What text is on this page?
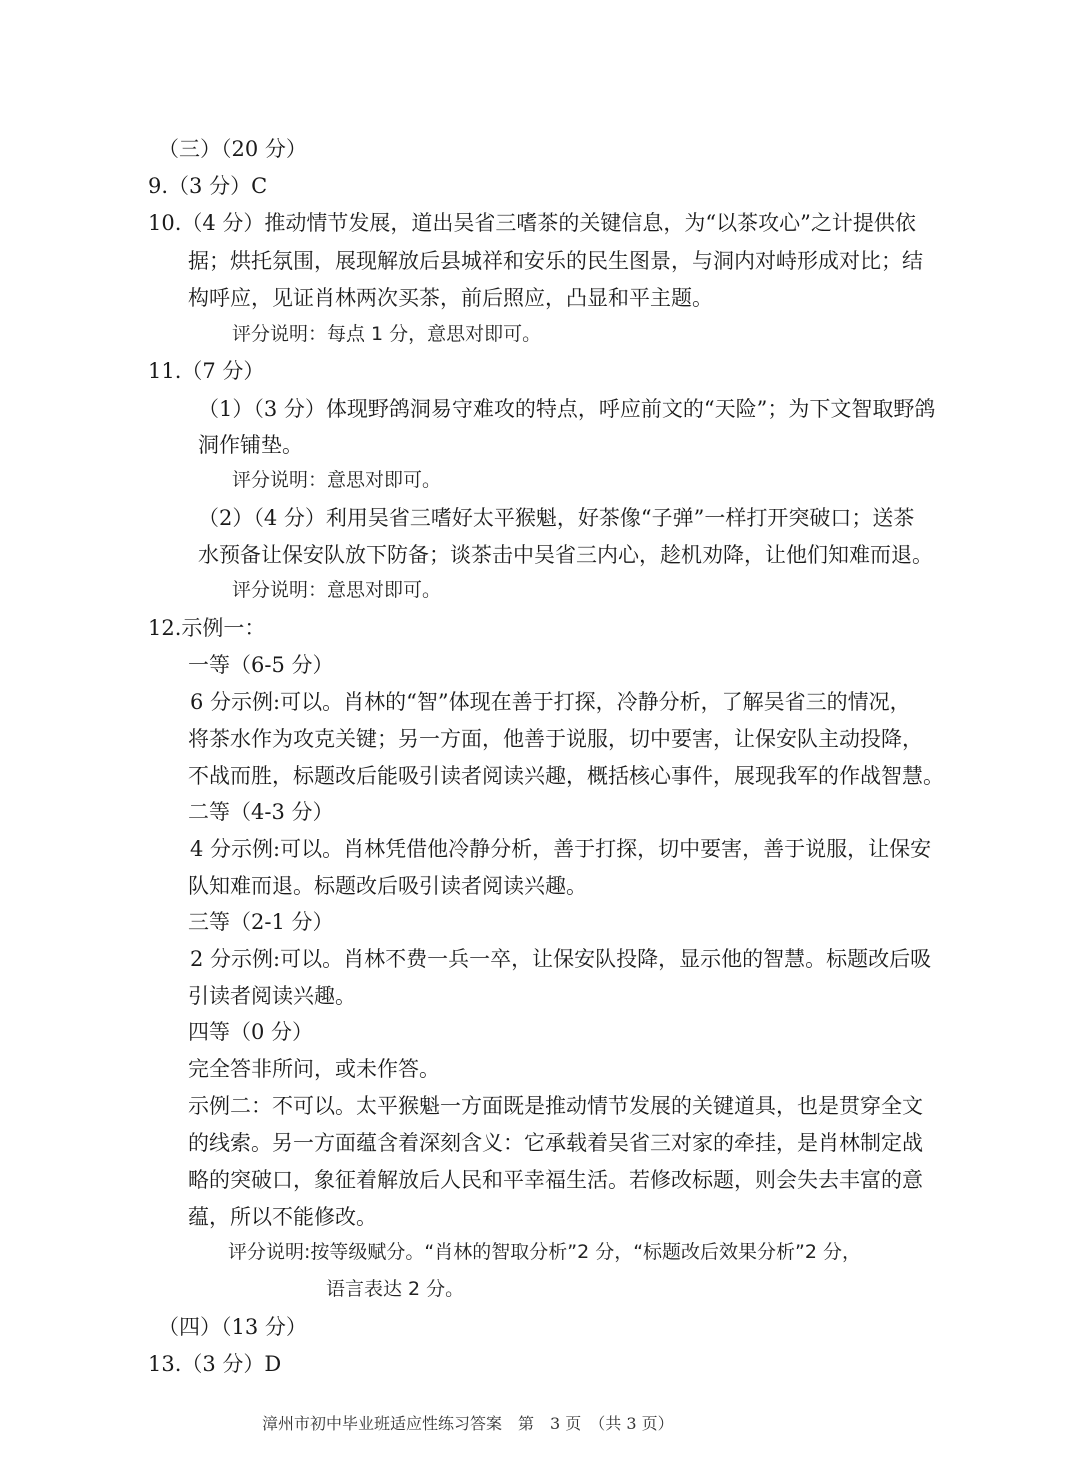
（三）（20 分）
9.（3 分）C
10.（4 分）推动情节发展，道出吴省三嗜茶的关键信息，为“以茶攻心”之计提供依
据；烘托氛围，展现解放后县城祥和安乐的民生图景，与洞内对峙形成对比；结
构呼应，见证肖林两次买茶，前后照应，凸显和平主题。
评分说明：每点 1 分，意思对即可。
11.（7 分）
（1）（3 分）体现野鸽洞易守难攻的特点，呼应前文的“天险”；为下文智取野鸽
洞作铺垫。
评分说明：意思对即可。
（2）（4 分）利用吴省三嗜好太平猴魁，好茶像“子弹”一样打开突破口；送茶
水预备让保安队放下防备；谈茶击中吴省三内心，趁机劝降，让他们知难而退。
评分说明：意思对即可。
12.示例一：
一等（6-5 分）
6 分示例:可以。肖林的“智”体现在善于打探，冷静分析，了解吴省三的情况，
将茶水作为攻克关键；另一方面，他善于说服，切中要害，让保安队主动投降，
不战而胜，标题改后能吸引读者阅读兴趣，概括核心事件，展现我军的作战智慧。
二等（4-3 分）
4 分示例:可以。肖林凭借他冷静分析，善于打探，切中要害，善于说服，让保安
队知难而退。标题改后吸引读者阅读兴趣。
三等（2-1 分）
2 分示例:可以。肖林不费一兵一卒，让保安队投降，显示他的智慧。标题改后吸
引读者阅读兴趣。
四等（0 分）
完全答非所问，或未作答。
示例二：不可以。太平猴魁一方面既是推动情节发展的关键道具，也是贯穿全文
的线索。另一方面蕴含着深刻含义：它承载着吴省三对家的牵挂，是肖林制定战
略的突破口，象征着解放后人民和平幸福生活。若修改标题，则会失去丰富的意
蕴，所以不能修改。
评分说明:按等级赋分。“肖林的智取分析”2 分，“标题改后效果分析”2 分，
语言表达 2 分。
（四）（13 分）
13.（3 分）D
漳州市初中毕业班适应性练习答案　第　3 页　（共 3 页）
